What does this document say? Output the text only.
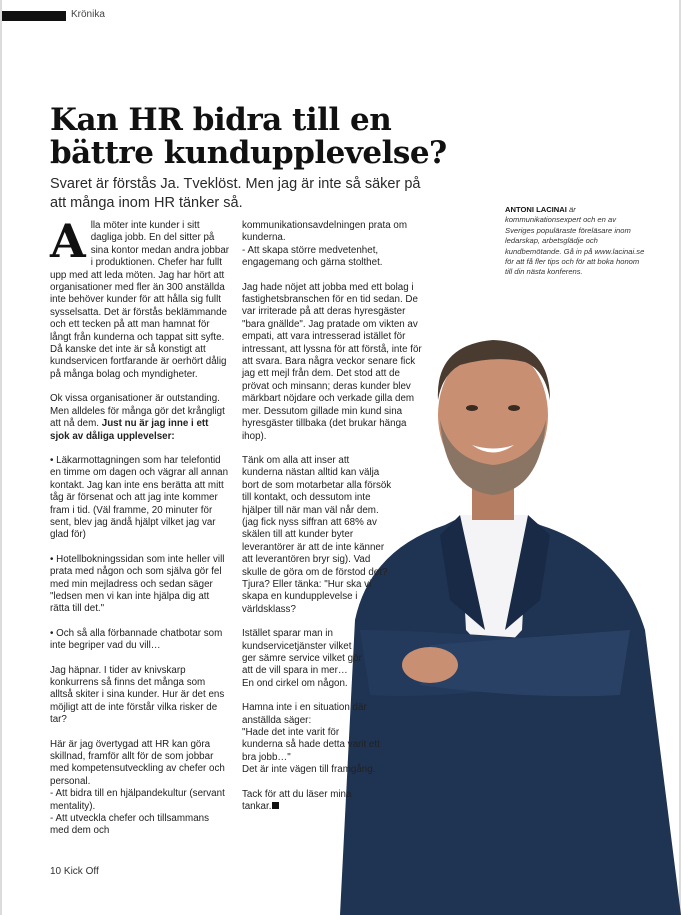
Krönika
Kan HR bidra till en bättre kundupplevelse?

Svaret är förstås Ja. Tveklöst. Men jag är inte så säker på att många inom HR tänker så.	ANTONI LACINAI är kommunikationsexpert och en av Sveriges populäraste föreläsare inom ledarskap, arbetsglädje och kundbemötande. Gå in på www.lacinai.se för att få fler tips och för att boka honom till din nästa konferens.

Alla möter inte kunder i sitt dagliga jobb. En del sitter på sina kontor medan andra jobbar i produktionen. Chefer har fullt upp med att leda möten. Jag har hört att organisationer med fler än 300 anställda inte behöver kunder för att hålla sig fullt sysselsatta. Det är förstås beklämmande och ett tecken på att man hamnat för långt från kunderna och tappat sitt syfte. Då kanske det inte är så konstigt att kundservicen fortfarande är oerhört dålig på många bolag och myndigheter.

Ok vissa organisationer är outstanding. Men alldeles för många gör det krångligt att nå dem. Just nu är jag inne i ett sjok av dåliga upplevelser:

• Läkarmottagningen som har telefontid en timme om dagen och vägrar all annan kontakt. Jag kan inte ens berätta att mitt tåg är försenat och att jag inte kommer fram i tid. (Väl framme, 20 minuter för sent, blev jag ändå hjälpt vilket jag var glad för)

• Hotellbokningssidan som inte heller vill prata med någon och som själva gör fel med min mejladress och sedan säger "ledsen men vi kan inte hjälpa dig att rätta till det."

• Och så alla förbannade chatbotar som inte begriper vad du vill…

Jag häpnar. I tider av knivskarp konkurrens så finns det många som alltså skiter i sina kunder. Hur är det ens möjligt att de inte förstår vilka risker de tar?

Här är jag övertygad att HR kan göra skillnad, framför allt för de som jobbar med kompetensutveckling av chefer och personal.
- Att bidra till en hjälpandekultur (servant mentality).
- Att utveckla chefer och tillsammans med dem och

kommunikationsavdelningen prata om kunderna.
- Att skapa större medvetenhet, engagemang och gärna stolthet.

Jag hade nöjet att jobba med ett bolag i fastighetsbranschen för en tid sedan. De var irriterade på att deras hyresgäster "bara gnällde". Jag pratade om vikten av empati, att vara intresserad istället för intressant, att lyssna för att förstå, inte för att svara. Bara några veckor senare fick jag ett mejl från dem. Det stod att de prövat och minsann; deras kunder blev märkbart nöjdare och verkade gilla dem mer. Dessutom gillade min kund sina hyresgäster tillbaka (det brukar hänga ihop).

Tänk om alla att inser att kunderna nästan alltid kan välja bort de som motarbetar alla försök till kontakt, och dessutom inte hjälper till när man väl når dem. (jag fick nyss siffran att 68% av skälen till att kunder byter leverantörer är att de inte känner att leverantören bryr sig). Vad skulle de göra om de förstod det? Tjura? Eller tänka: "Hur ska vi skapa en kundupplevelse i världsklass?

Istället sparar man in kundservicetjänster vilket ger sämre service vilket gör att de vill spara in mer… En ond cirkel om någon.

Hamna inte i en situation där anställda säger:
"Hade det inte varit för kunderna så hade detta varit ett bra jobb…"
Det är inte vägen till framgång.

Tack för att du läser mina tankar.

10 Kick Off
